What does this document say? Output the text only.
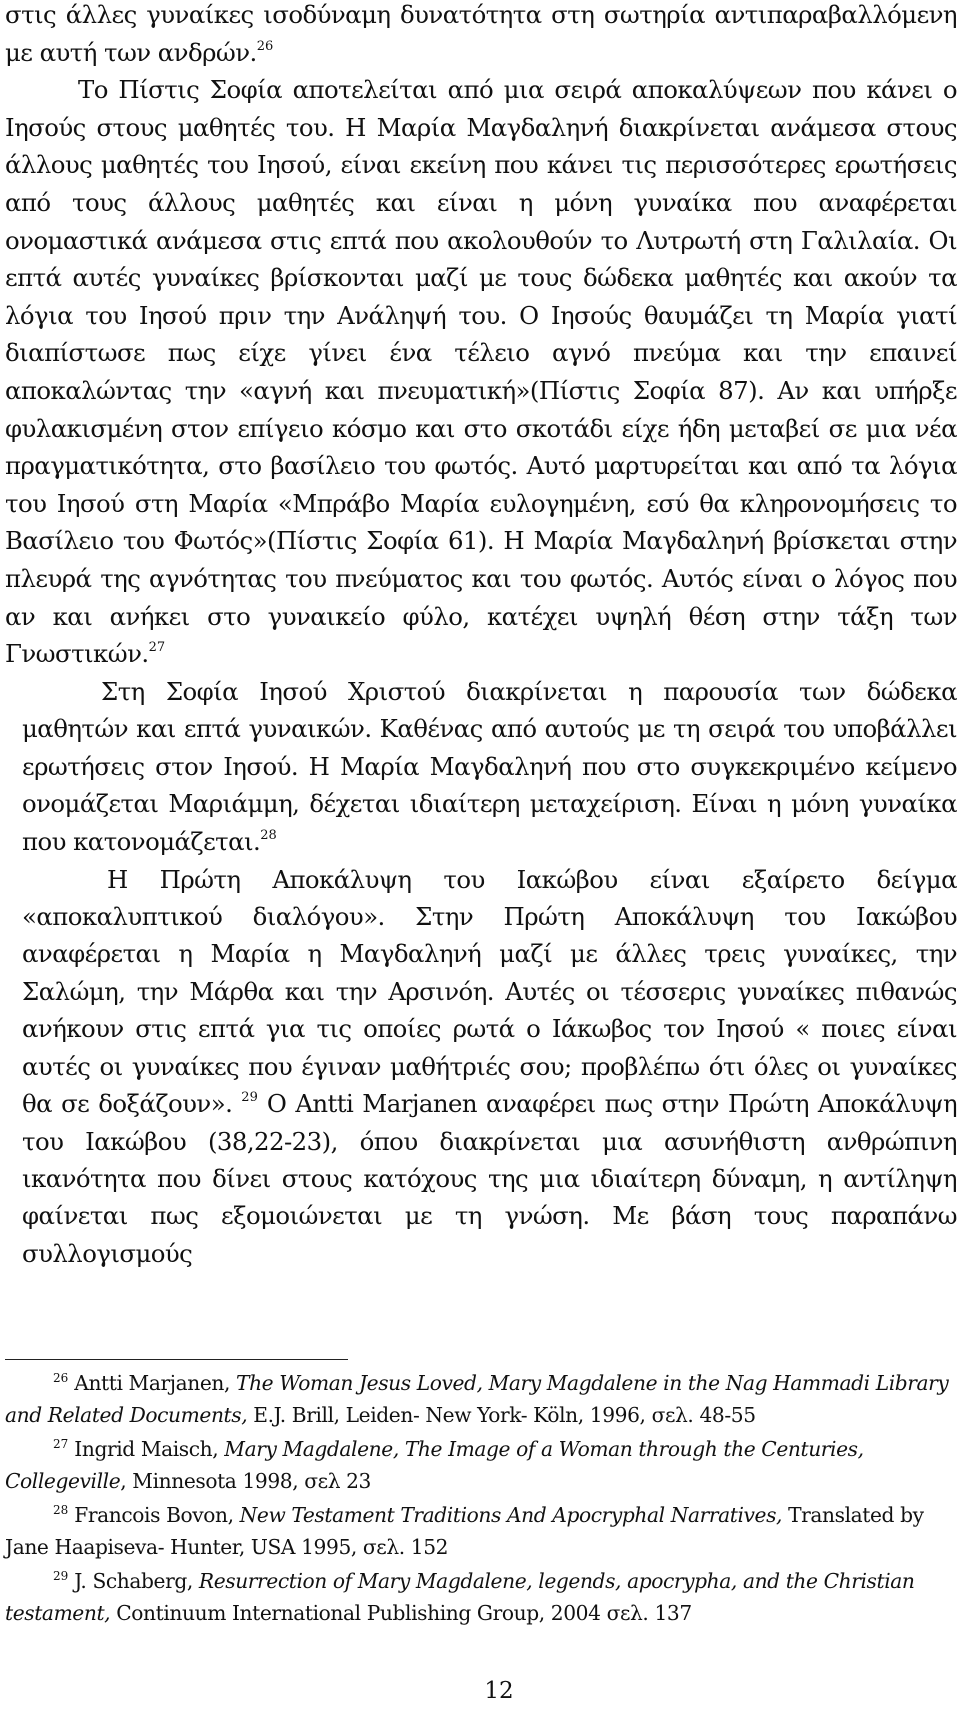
στις άλλες γυναίκες ισοδύναμη δυνατότητα στη σωτηρία αντιπαραβαλλόμενη με αυτή των ανδρών.$^{26}$

Το Πίστις Σοφία αποτελείται από μια σειρά αποκαλύψεων που κάνει ο Ιησούς στους μαθητές του. Η Μαρία Μαγδαληνή διακρίνεται ανάμεσα στους άλλους μαθητές του Ιησού, είναι εκείνη που κάνει τις περισσότερες ερωτήσεις από τους άλλους μαθητές και είναι η μόνη γυναίκα που αναφέρεται ονομαστικά ανάμεσα στις επτά που ακολουθούν το Λυτρωτή στη Γαλιλαία. Οι επτά αυτές γυναίκες βρίσκονται μαζί με τους δώδεκα μαθητές και ακούν τα λόγια του Ιησού πριν την Ανάληψή του. Ο Ιησούς θαυμάζει τη Μαρία γιατί διαπίστωσε πως είχε γίνει ένα τέλειο αγνό πνεύμα και την επαινεί αποκαλώντας την «αγνή και πνευματική»(Πίστις Σοφία 87). Αν και υπήρξε φυλακισμένη στον επίγειο κόσμο και στο σκοτάδι είχε ήδη μεταβεί σε μια νέα πραγματικότητα, στο βασίλειο του φωτός. Αυτό μαρτυρείται και από τα λόγια του Ιησού στη Μαρία «Μπράβο Μαρία ευλογημένη, εσύ θα κληρονομήσεις το Βασίλειο του Φωτός»(Πίστις Σοφία 61). Η Μαρία Μαγδαληνή βρίσκεται στην πλευρά της αγνότητας του πνεύματος και του φωτός. Αυτός είναι ο λόγος που αν και ανήκει στο γυναικείο φύλο, κατέχει υψηλή θέση στην τάξη των Γνωστικών.$^{27}$

Στη Σοφία Ιησού Χριστού διακρίνεται η παρουσία των δώδεκα μαθητών και επτά γυναικών. Καθένας από αυτούς με τη σειρά του υποβάλλει ερωτήσεις στον Ιησού. Η Μαρία Μαγδαληνή που στο συγκεκριμένο κείμενο ονομάζεται Μαριάμμη, δέχεται ιδιαίτερη μεταχείριση. Είναι η μόνη γυναίκα που κατονομάζεται.$^{28}$

Η Πρώτη Αποκάλυψη του Ιακώβου είναι εξαίρετο δείγμα «αποκαλυπτικού διαλόγου». Στην Πρώτη Αποκάλυψη του Ιακώβου αναφέρεται η Μαρία η Μαγδαληνή μαζί με άλλες τρεις γυναίκες, την Σαλώμη, την Μάρθα και την Αρσινόη. Αυτές οι τέσσερις γυναίκες πιθανώς ανήκουν στις επτά για τις οποίες ρωτά ο Ιάκωβος τον Ιησού « ποιες είναι αυτές οι γυναίκες που έγιναν μαθήτριές σου; προβλέπω ότι όλες οι γυναίκες θα σε δοξάζουν». $^{29}$ Ο Antti Marjanen αναφέρει πως στην Πρώτη Αποκάλυψη του Ιακώβου (38,22-23), όπου διακρίνεται μια ασυνήθιστη ανθρώπινη ικανότητα που δίνει στους κατόχους της μια ιδιαίτερη δύναμη, η αντίληψη φαίνεται πως εξομοιώνεται με τη γνώση. Με βάση τους παραπάνω συλλογισμούς

$^{26}$ Antti Marjanen, The Woman Jesus Loved, Mary Magdalene in the Nag Hammadi Library and Related Documents, E.J. Brill, Leiden- New York- Köln, 1996, σελ. 48-55

$^{27}$ Ingrid Maisch, Mary Magdalene, The Image of a Woman through the Centuries, Collegeville, Minnesota 1998, σελ 23

$^{28}$ Francois Bovon, New Testament Traditions And Apocryphal Narratives, Translated by Jane Haapiseva- Hunter, USA 1995, σελ. 152

$^{29}$ J. Schaberg, Resurrection of Mary Magdalene, legends, apocrypha, and the Christian testament, Continuum International Publishing Group, 2004 σελ. 137

12
